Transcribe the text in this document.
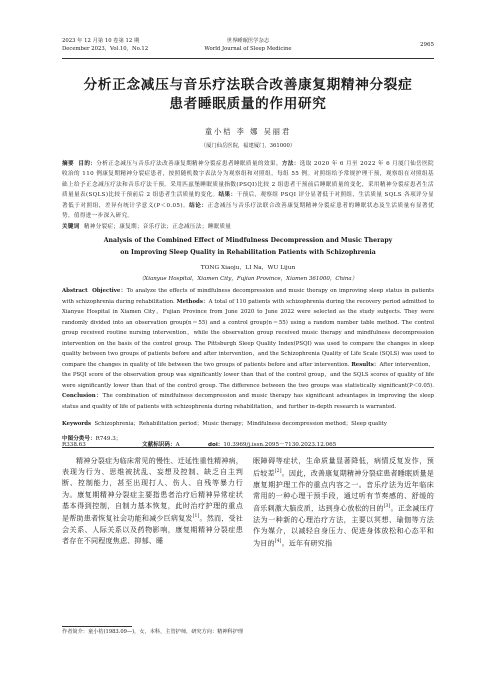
2023 年 12 月第 10 卷第 12 期
December 2023，Vol.10，No.12
世界睡眠医学杂志
World Journal of Sleep Medicine
2965
分析正念减压与音乐疗法联合改善康复期精神分裂症
患者睡眠质量的作用研究
童小桔 李 娜 吴丽君
（厦门仙岳医院，福建厦门，361000）
摘要 目的：分析正念减压与音乐疗法改善康复期精神分裂症患者睡眠质量的效果。方法：选取 2020 年 6 月至 2022 年 6 月厦门仙岳医院收治的 110 例康复期精神分裂症患者，按照随机数字表法分为观察组和对照组，每组 55 例。对照组给予常规护理干预，观察组在对照组基础上给予正念减压疗法和音乐疗法干预。采用匹兹堡睡眠质量指数(PSQI)比较 2 组患者干预前后睡眠质量的变化，采用精神分裂症患者生活质量量表(SQLS)比较干预前后 2 组患者生活质量的变化。结果：干预后，观察组 PSQI 评分显著低于对照组，生活质量 SQLS 各项评分显著低于对照组，差异有统计学意义(P＜0.05)。结论：正念减压与音乐疗法联合改善康复期精神分裂症患者的睡眠状态及生活质量有显著优势，值得进一步深入研究。
关键词 精神分裂症；康复期；音乐疗法；正念减压法；睡眠质量
Analysis of the Combined Effect of Mindfulness Decompression and Music Therapy
on Improving Sleep Quality in Rehabilitation Patients with Schizophrenia
TONG Xiaoju，LI Na，WU Lijun
（Xianyue Hospital，Xiamen City，Fujian Province，Xiamen 361000，China）
Abstract Objective：To analyze the effects of mindfulness decompression and music therapy on improving sleep status in patients with schizophrenia during rehabilitation. Methods：A total of 110 patients with schizophrenia during the recovery period admitted to Xianyue Hospital in Xiamen City，Fujian Province from June 2020 to June 2022 were selected as the study subjects. They were randomly divided into an observation group(n＝55) and a control group(n＝55) using a random number table method. The control group received routine nursing intervention，while the observation group received music therapy and mindfulness decompression intervention on the basis of the control group. The Pittsburgh Sleep Quality Index(PSQI) was used to compare the changes in sleep quality between two groups of patients before and after intervention，and the Schizophrenia Quality of Life Scale (SQLS) was used to compare the changes in quality of life between the two groups of patients before and after intervention. Results：After intervention，the PSQI score of the observation group was significantly lower than that of the control group，and the SQLS scores of quality of life were significantly lower than that of the control group. The difference between the two groups was statistically significant(P＜0.05). Conclusion：The combination of mindfulness decompression and music therapy has significant advantages in improving the sleep status and quality of life of patients with schizophrenia during rehabilitation，and further in-depth research is warranted.
Keywords Schizophrenia；Rehabilitation period；Music therapy；Mindfulness decompression method；Sleep quality
中图分类号：R749.3；R338.63	文献标识码：A	doi：10.3969/j.issn.2095－7130.2023.12.065
精神分裂症为临床常见的慢性、迁延性重性精神病，表现为行为、思维被扰乱、妄想及控制、缺乏自主判断、控制能力，甚至出现打人、伤人、自残等暴力行为。康复期精神分裂症主要指患者治疗后精神异常症状基本得到控制，自制力基本恢复，此时治疗护理的重点是帮助患者恢复社会功能和减少巨病复发[1]。然而，受社会关系、人际关系以及药物影响，康复期精神分裂症患者存在不同程度焦虑、抑郁、睡
眠障碍等症状，生命质量显著降低，病情反复发作，预后较差[2]。因此，改善康复期精神分裂症患者睡眠质量是康复期护理工作的重点内容之一。音乐疗法为近年临床常用的一种心理干预手段，通过听有节奏感的、舒缓的音乐刺激大脑皮质，达到身心放松的目的[3]。正念减压疗法为一种新的心理治疗方法，主要以冥想、瑜伽等方法作为媒介，以减轻自身压力、促进身体放松和心态平和为目的[4]。近年有研究指
作者简介：童小桔(1983.09—)，女，本科，主管护师，研究方向：精神科护理
